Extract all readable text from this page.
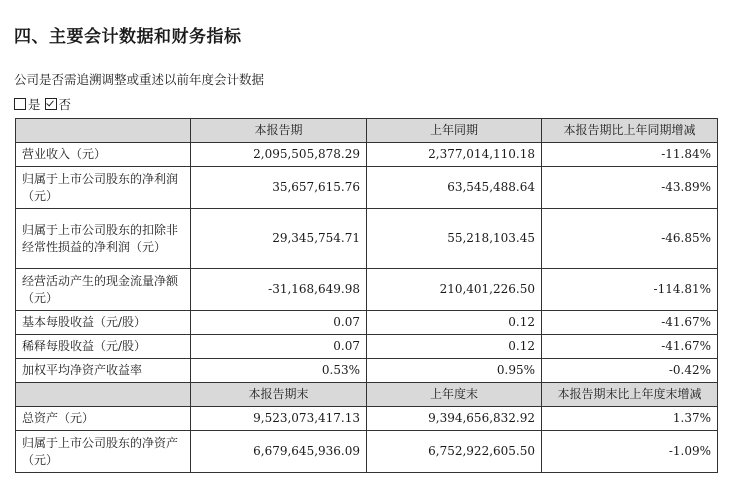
四、主要会计数据和财务指标
公司是否需追溯调整或重述以前年度会计数据
是 否
	本报告期	上年同期	本报告期比上年同期增减
营业收入（元）	2,095,505,878.29	2,377,014,110.18	-11.84%
归属于上市公司股东的净利润（元）	35,657,615.76	63,545,488.64	-43.89%
归属于上市公司股东的扣除非经常性损益的净利润（元）	29,345,754.71	55,218,103.45	-46.85%
经营活动产生的现金流量净额（元）	-31,168,649.98	210,401,226.50	-114.81%
基本每股收益（元/股）	0.07	0.12	-41.67%
稀释每股收益（元/股）	0.07	0.12	-41.67%
加权平均净资产收益率	0.53%	0.95%	-0.42%
	本报告期末	上年度末	本报告期末比上年度末增减
总资产（元）	9,523,073,417.13	9,394,656,832.92	1.37%
归属于上市公司股东的净资产（元）	6,679,645,936.09	6,752,922,605.50	-1.09%
